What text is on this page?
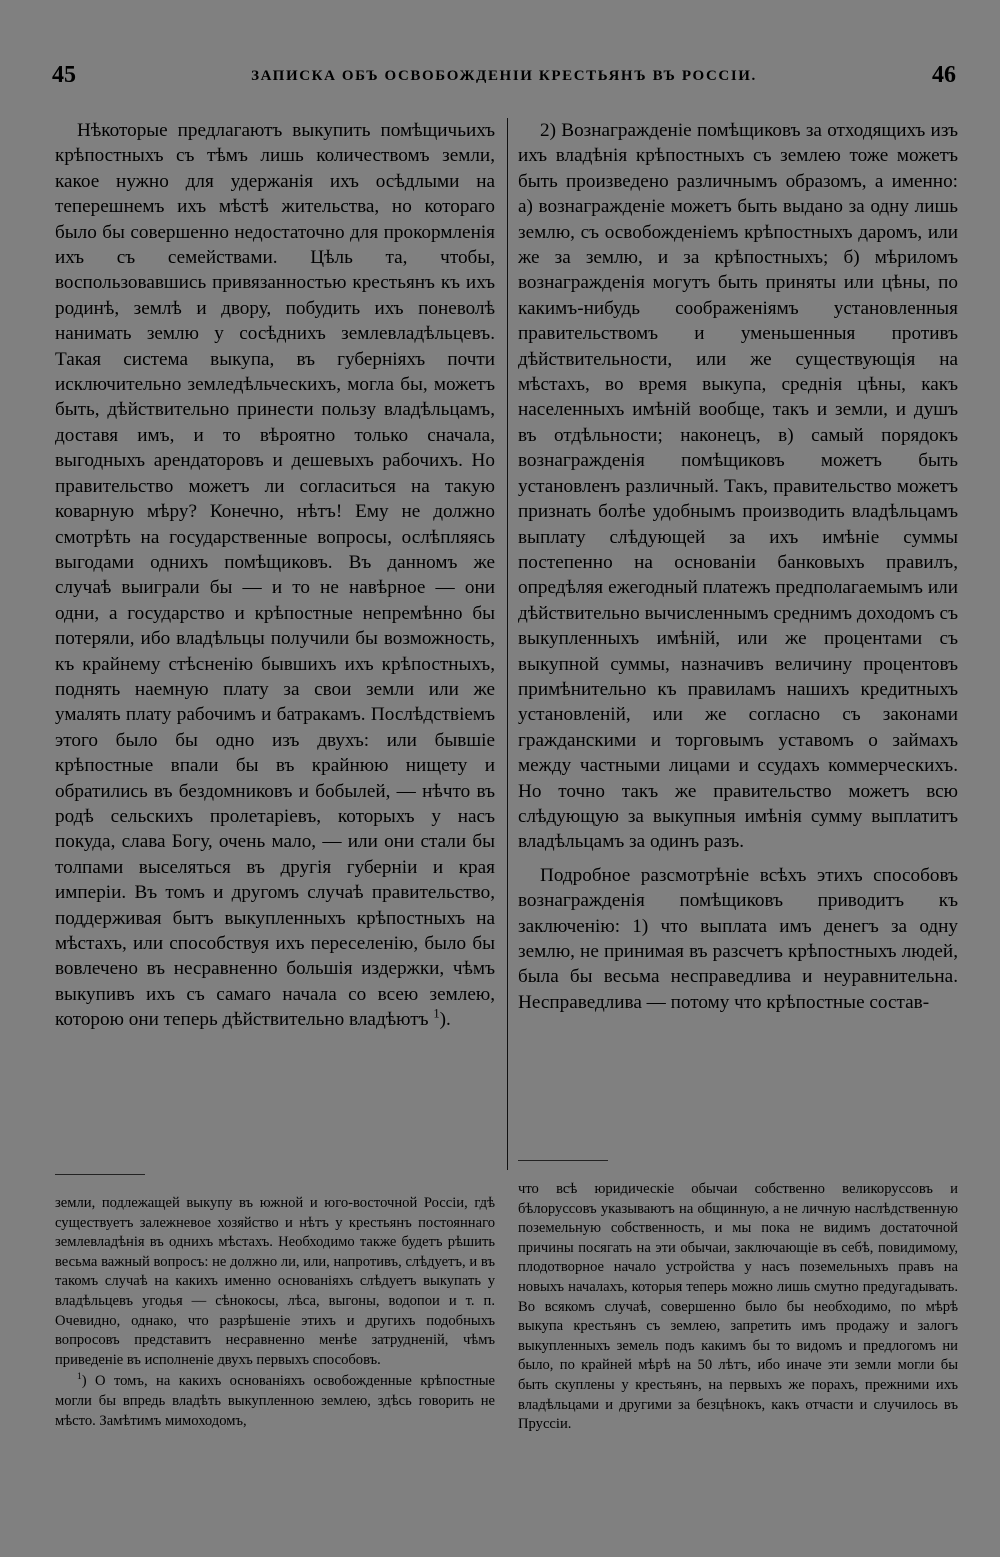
45	ЗАПИСКА ОБЪ ОСВОБОЖДЕНІИ КРЕСТЬЯНЪ ВЪ РОССІИ.	46

Нѣкоторые предлагаютъ выкупить помѣщичьихъ крѣпостныхъ съ тѣмъ лишь количествомъ земли, какое нужно для удержанія ихъ осѣдлыми на теперешнемъ ихъ мѣстѣ жительства, но котораго было бы совершенно недостаточно для прокормленія ихъ съ семействами. Цѣль та, чтобы, воспользовавшись привязанностью крестьянъ къ ихъ родинѣ, землѣ и двору, побудить ихъ поневолѣ нанимать землю у сосѣднихъ землевладѣльцевъ. Такая система выкупа, въ губерніяхъ почти исключительно земледѣльческихъ, могла бы, можетъ быть, дѣйствительно принести пользу владѣльцамъ, доставя имъ, и то вѣроятно только сначала, выгодныхъ арендаторовъ и дешевыхъ рабочихъ. Но правительство можетъ ли согласиться на такую коварную мѣру? Конечно, нѣтъ! Ему не должно смотрѣть на государственные вопросы, ослѣпляясь выгодами однихъ помѣщиковъ. Въ данномъ же случаѣ выиграли бы — и то не навѣрное — они одни, а государство и крѣпостные непремѣнно бы потеряли, ибо владѣльцы получили бы возможность, къ крайнему стѣсненію бывшихъ ихъ крѣпостныхъ, поднять наемную плату за свои земли или же умалять плату рабочимъ и батракамъ. Послѣдствіемъ этого было бы одно изъ двухъ: или бывшіе крѣпостные впали бы въ крайнюю нищету и обратились въ бездомниковъ и бобылей, — нѣчто въ родѣ сельскихъ пролетаріевъ, которыхъ у насъ покуда, слава Богу, очень мало, — или они стали бы толпами выселяться въ другія губерніи и края имперіи. Въ томъ и другомъ случаѣ правительство, поддерживая бытъ выкупленныхъ крѣпостныхъ на мѣстахъ, или способствуя ихъ переселенію, было бы вовлечено въ несравненно большія издержки, чѣмъ выкупивъ ихъ съ самаго начала со всею землею, которою они теперь дѣйствительно владѣютъ $^1$).

2) Вознагражденіе помѣщиковъ за отходящихъ изъ ихъ владѣнія крѣпостныхъ съ землею тоже можетъ быть произведено различнымъ образомъ, а именно: а) вознагражденіе можетъ быть выдано за одну лишь землю, съ освобожденіемъ крѣпостныхъ даромъ, или же за землю, и за крѣпостныхъ; б) мѣриломъ вознагражденія могутъ быть приняты или цѣны, по какимъ-нибудь соображеніямъ установленныя правительствомъ и уменьшенныя противъ дѣйствительности, или же существующія на мѣстахъ, во время выкупа, среднія цѣны, какъ населенныхъ имѣній вообще, такъ и земли, и душъ въ отдѣльности; наконецъ, в) самый порядокъ вознагражденія помѣщиковъ можетъ быть установленъ различный. Такъ, правительство можетъ признать болѣе удобнымъ производить владѣльцамъ выплату слѣдующей за ихъ имѣніе суммы постепенно на основаніи банковыхъ правилъ, опредѣляя ежегодный платежъ предполагаемымъ или дѣйствительно вычисленнымъ среднимъ доходомъ съ выкупленныхъ имѣній, или же процентами съ выкупной суммы, назначивъ величину процентовъ примѣнительно къ правиламъ нашихъ кредитныхъ установленій, или же согласно съ законами гражданскими и торговымъ уставомъ о займахъ между частными лицами и ссудахъ коммерческихъ. Но точно такъ же правительство можетъ всю слѣдующую за выкупныя имѣнія сумму выплатитъ владѣльцамъ за одинъ разъ.

Подробное разсмотрѣніе всѣхъ этихъ способовъ вознагражденія помѣщиковъ приводитъ къ заключенію: 1) что выплата имъ денегъ за одну землю, не принимая въ разсчетъ крѣпостныхъ людей, была бы весьма несправедлива и неуравнительна. Несправедлива — потому что крѣпостные состав-

земли, подлежащей выкупу въ южной и юго-восточной Россіи, гдѣ существуетъ залежневое хозяйство и нѣтъ у крестьянъ постояннаго землевладѣнія въ однихъ мѣстахъ. Необходимо также будетъ рѣшить весьма важный вопросъ: не должно ли, или, напротивъ, слѣдуетъ, и въ такомъ случаѣ на какихъ именно основаніяхъ слѣдуетъ выкупать у владѣльцевъ угодья — сѣнокосы, лѣса, выгоны, водопои и т. п. Очевидно, однако, что разрѣшеніе этихъ и другихъ подобныхъ вопросовъ представитъ несравненно менѣе затрудненій, чѣмъ приведеніе въ исполненіе двухъ первыхъ способовъ.

$^1$) О томъ, на какихъ основаніяхъ освобожденные крѣпостные могли бы впредь владѣть выкупленною землею, здѣсь говорить не мѣсто. Замѣтимъ мимоходомъ,

что всѣ юридическіе обычаи собственно великоруссовъ и бѣлоруссовъ указываютъ на общинную, а не личную наслѣдственную поземельную собственность, и мы пока не видимъ достаточной причины посягать на эти обычаи, заключающіе въ себѣ, повидимому, плодотворное начало устройства у насъ поземельныхъ правъ на новыхъ началахъ, которыя теперь можно лишь смутно предугадывать. Во всякомъ случаѣ, совершенно было бы необходимо, по мѣрѣ выкупа крестьянъ съ землею, запретить имъ продажу и залогъ выкупленныхъ земель подъ какимъ бы то видомъ и предлогомъ ни было, по крайней мѣрѣ на 50 лѣтъ, ибо иначе эти земли могли бы быть скуплены у крестьянъ, на первыхъ же порахъ, прежними ихъ владѣльцами и другими за безцѣнокъ, какъ отчасти и случилось въ Пруссіи.
